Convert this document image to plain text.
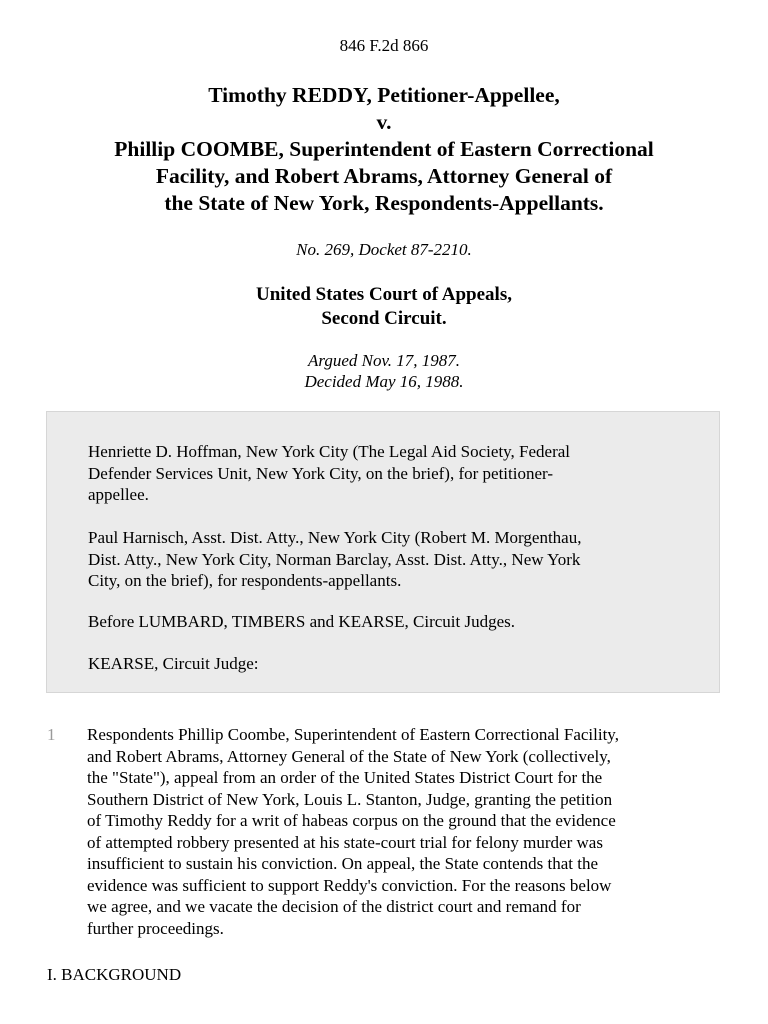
846 F.2d 866
Timothy REDDY, Petitioner-Appellee,
v.
Phillip COOMBE, Superintendent of Eastern Correctional
Facility, and Robert Abrams, Attorney General of
the State of New York, Respondents-Appellants.
No. 269, Docket 87-2210.
United States Court of Appeals,
Second Circuit.
Argued Nov. 17, 1987.
Decided May 16, 1988.

Henriette D. Hoffman, New York City (The Legal Aid Society, Federal
Defender Services Unit, New York City, on the brief), for petitioner-
appellee.

Paul Harnisch, Asst. Dist. Atty., New York City (Robert M. Morgenthau,
Dist. Atty., New York City, Norman Barclay, Asst. Dist. Atty., New York
City, on the brief), for respondents-appellants.

Before LUMBARD, TIMBERS and KEARSE, Circuit Judges.

KEARSE, Circuit Judge:

1 Respondents Phillip Coombe, Superintendent of Eastern Correctional Facility,
and Robert Abrams, Attorney General of the State of New York (collectively,
the "State"), appeal from an order of the United States District Court for the
Southern District of New York, Louis L. Stanton, Judge, granting the petition
of Timothy Reddy for a writ of habeas corpus on the ground that the evidence
of attempted robbery presented at his state-court trial for felony murder was
insufficient to sustain his conviction. On appeal, the State contends that the
evidence was sufficient to support Reddy's conviction. For the reasons below
we agree, and we vacate the decision of the district court and remand for
further proceedings.

I. BACKGROUND
